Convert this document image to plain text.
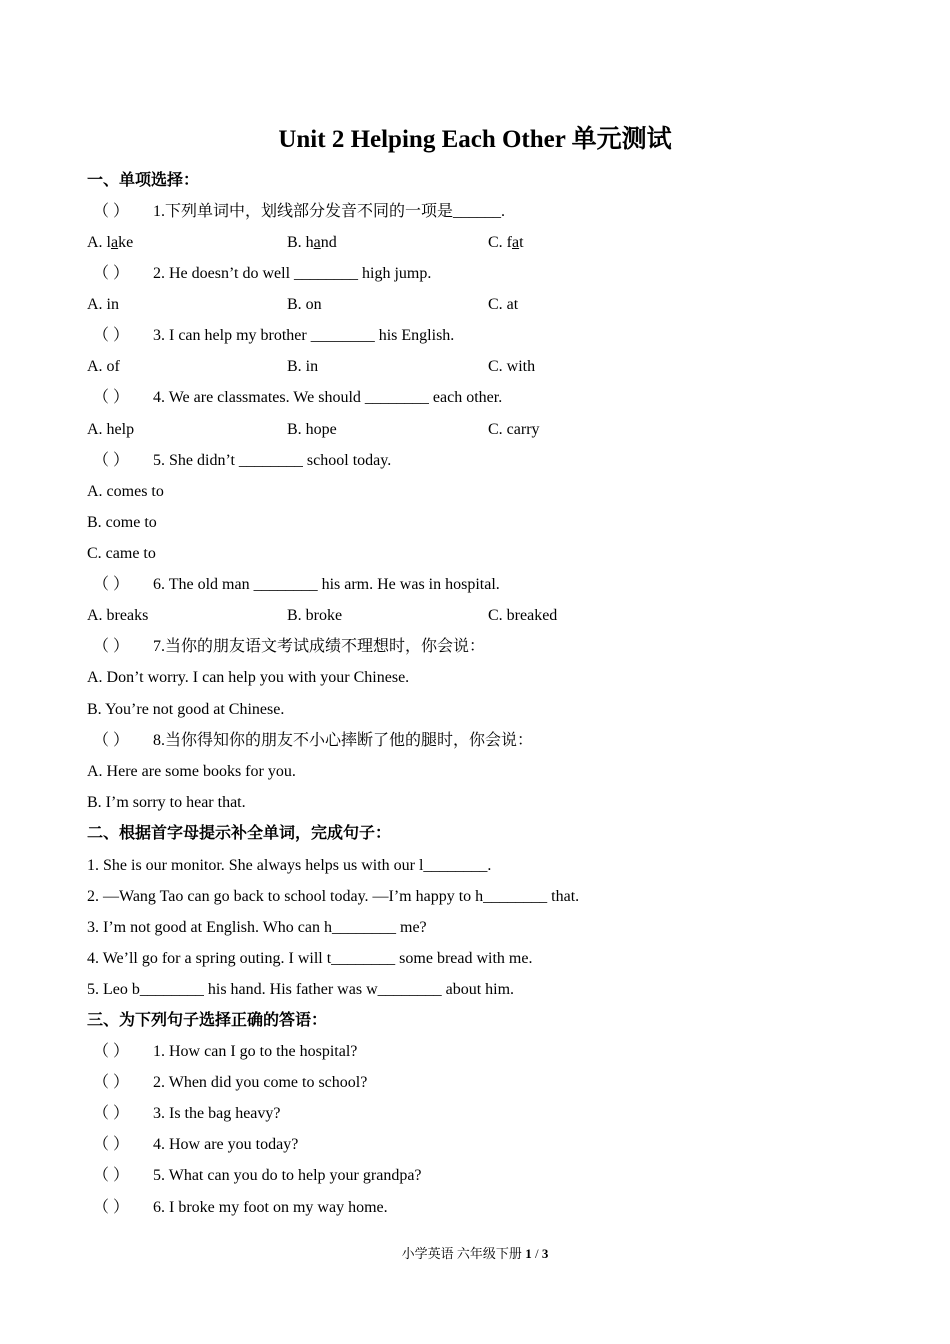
Unit 2 Helping Each Other 单元测试
一、单项选择：
（ ） 1.下列单词中，划线部分发音不同的一项是______.
A. lake	B. hand	C. fat
（ ） 2. He doesn’t do well ________ high jump.
A. in	B. on	C. at
（ ） 3. I can help my brother ________ his English.
A. of	B. in	C. with
（ ） 4. We are classmates. We should ________ each other.
A. help	B. hope	C. carry
（ ） 5. She didn’t ________ school today.
A. comes to
B. come to
C. came to
（ ） 6. The old man ________ his arm. He was in hospital.
A. breaks	B. broke	C. breaked
（ ） 7.当你的朋友语文考试成绩不理想时，你会说：
A. Don’t worry. I can help you with your Chinese.
B. You’re not good at Chinese.
（ ） 8.当你得知你的朋友不小心摔断了他的腿时，你会说：
A. Here are some books for you.
B. I’m sorry to hear that.
二、根据首字母提示补全单词，完成句子：
1. She is our monitor. She always helps us with our l________.
2. —Wang Tao can go back to school today. —I’m happy to h________ that.
3. I’m not good at English. Who can h________ me?
4. We’ll go for a spring outing. I will t________ some bread with me.
5. Leo b________ his hand. His father was w________ about him.
三、为下列句子选择正确的答语：
（ ） 1. How can I go to the hospital?
（ ） 2. When did you come to school?
（ ） 3. Is the bag heavy?
（ ） 4. How are you today?
（ ） 5. What can you do to help your grandpa?
（ ） 6. I broke my foot on my way home.
小学英语 六年级下册 1 / 3
